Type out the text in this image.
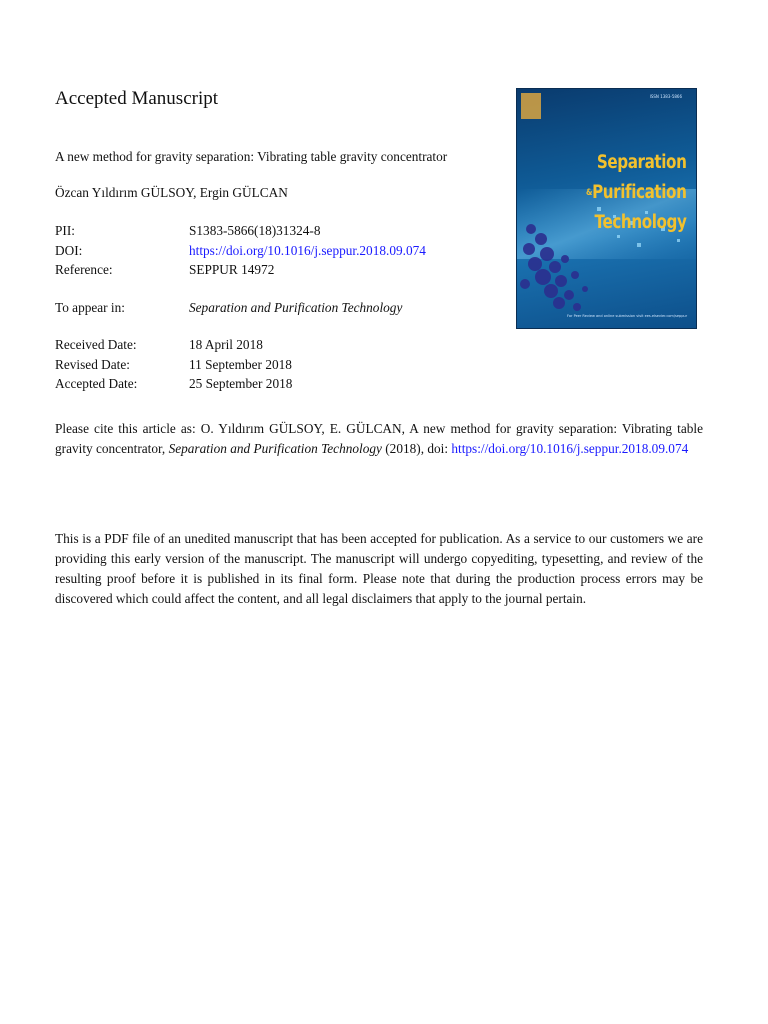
Accepted Manuscript
A new method for gravity separation: Vibrating table gravity concentrator
Özcan Yıldırım GÜLSOY, Ergin GÜLCAN
PII:	S1383-5866(18)31324-8
DOI:	https://doi.org/10.1016/j.seppur.2018.09.074
Reference:	SEPPUR 14972
To appear in:	Separation and Purification Technology
Received Date:	18 April 2018
Revised Date:	11 September 2018
Accepted Date:	25 September 2018
Please cite this article as: O. Yıldırım GÜLSOY, E. GÜLCAN, A new method for gravity separation: Vibrating table gravity concentrator, Separation and Purification Technology (2018), doi: https://doi.org/10.1016/j.seppur.2018.09.074
This is a PDF file of an unedited manuscript that has been accepted for publication. As a service to our customers we are providing this early version of the manuscript. The manuscript will undergo copyediting, typesetting, and review of the resulting proof before it is published in its final form. Please note that during the production process errors may be discovered which could affect the content, and all legal disclaimers that apply to the journal pertain.
ISSN 1383-5866
Separation
&Purification
Technology
For Peer Review and online submission visit ees.elsevier.com/seppur
